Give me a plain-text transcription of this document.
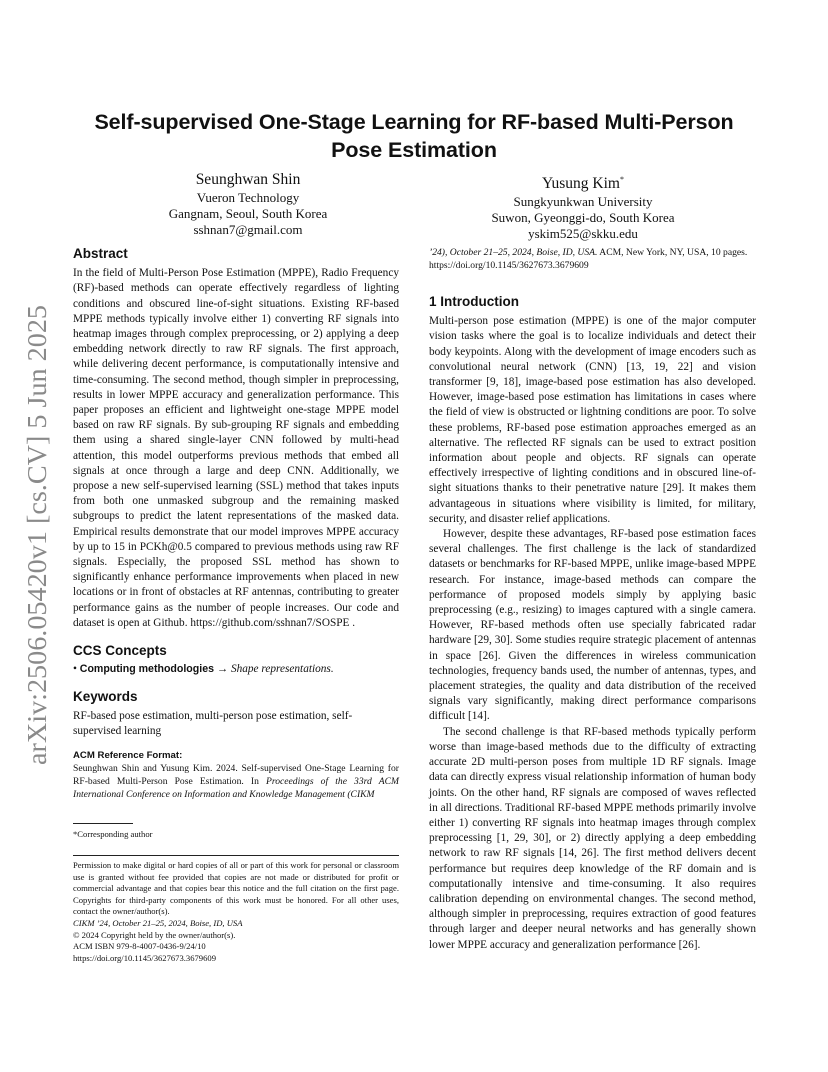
arXiv:2506.05420v1 [cs.CV] 5 Jun 2025
Self-supervised One-Stage Learning for RF-based Multi-Person
Pose Estimation
Seunghwan Shin
Vueron Technology
Gangnam, Seoul, South Korea
sshnan7@gmail.com
Yusung Kim*
Sungkyunkwan University
Suwon, Gyeonggi-do, South Korea
yskim525@skku.edu

Abstract

In the field of Multi-Person Pose Estimation (MPPE), Radio Frequency (RF)-based methods can operate effectively regardless of lighting conditions and obscured line-of-sight situations. Existing RF-based MPPE methods typically involve either 1) converting RF signals into heatmap images through complex preprocessing, or 2) applying a deep embedding network directly to raw RF signals. The first approach, while delivering decent performance, is computationally intensive and time-consuming. The second method, though simpler in preprocessing, results in lower MPPE accuracy and generalization performance. This paper proposes an efficient and lightweight one-stage MPPE model based on raw RF signals. By sub-grouping RF signals and embedding them using a shared single-layer CNN followed by multi-head attention, this model outperforms previous methods that embed all signals at once through a large and deep CNN. Additionally, we propose a new self-supervised learning (SSL) method that takes inputs from both one unmasked subgroup and the remaining masked subgroups to predict the latent representations of the masked data. Empirical results demonstrate that our model improves MPPE accuracy by up to 15 in PCKh@0.5 compared to previous methods using raw RF signals. Especially, the proposed SSL method has shown to significantly enhance performance improvements when placed in new locations or in front of obstacles at RF antennas, contributing to greater performance gains as the number of people increases. Our code and dataset is open at Github. https://github.com/sshnan7/SOSPE .

CCS Concepts

• Computing methodologies → Shape representations.

Keywords

RF-based pose estimation, multi-person pose estimation, self-supervised learning

ACM Reference Format:
Seunghwan Shin and Yusung Kim. 2024. Self-supervised One-Stage Learning for RF-based Multi-Person Pose Estimation. In Proceedings of the 33rd ACM International Conference on Information and Knowledge Management (CIKM
*Corresponding author
Permission to make digital or hard copies of all or part of this work for personal or classroom use is granted without fee provided that copies are not made or distributed for profit or commercial advantage and that copies bear this notice and the full citation on the first page. Copyrights for third-party components of this work must be honored. For all other uses, contact the owner/author(s).
CIKM ’24, October 21–25, 2024, Boise, ID, USA
© 2024 Copyright held by the owner/author(s).
ACM ISBN 979-8-4007-0436-9/24/10
https://doi.org/10.1145/3627673.3679609
’24), October 21–25, 2024, Boise, ID, USA. ACM, New York, NY, USA, 10 pages. https://doi.org/10.1145/3627673.3679609

1 Introduction

Multi-person pose estimation (MPPE) is one of the major computer vision tasks where the goal is to localize individuals and detect their body keypoints. Along with the development of image encoders such as convolutional neural network (CNN) [13, 19, 22] and vision transformer [9, 18], image-based pose estimation has also developed. However, image-based pose estimation has limitations in cases where the field of view is obstructed or lightning conditions are poor. To solve these problems, RF-based pose estimation approaches emerged as an alternative. The reflected RF signals can be used to extract position information about people and objects. RF signals can operate effectively irrespective of lighting conditions and in obscured line-of-sight situations thanks to their penetrative nature [29]. It makes them advantageous in situations where visibility is limited, for military, security, and disaster relief applications.

However, despite these advantages, RF-based pose estimation faces several challenges. The first challenge is the lack of standardized datasets or benchmarks for RF-based MPPE, unlike image-based MPPE research. For instance, image-based methods can compare the performance of proposed models simply by applying basic preprocessing (e.g., resizing) to images captured with a single camera. However, RF-based methods often use specially fabricated radar hardware [29, 30]. Some studies require strategic placement of antennas in space [26]. Given the differences in wireless communication technologies, frequency bands used, the number of antennas, types, and placement strategies, the quality and data distribution of the received signals vary significantly, making direct performance comparisons difficult [14].

The second challenge is that RF-based methods typically perform worse than image-based methods due to the difficulty of extracting accurate 2D multi-person poses from multiple 1D RF signals. Image data can directly express visual relationship information of human body joints. On the other hand, RF signals are composed of waves reflected in all directions. Traditional RF-based MPPE methods primarily involve either 1) converting RF signals into heatmap images through complex preprocessing [1, 29, 30], or 2) directly applying a deep embedding network to raw RF signals [14, 26]. The first method delivers decent performance but requires deep knowledge of the RF domain and is computationally intensive and time-consuming. It also requires calibration depending on environmental changes. The second method, although simpler in preprocessing, requires extraction of good features through larger and deeper neural networks and has generally shown lower MPPE accuracy and generalization performance [26].
